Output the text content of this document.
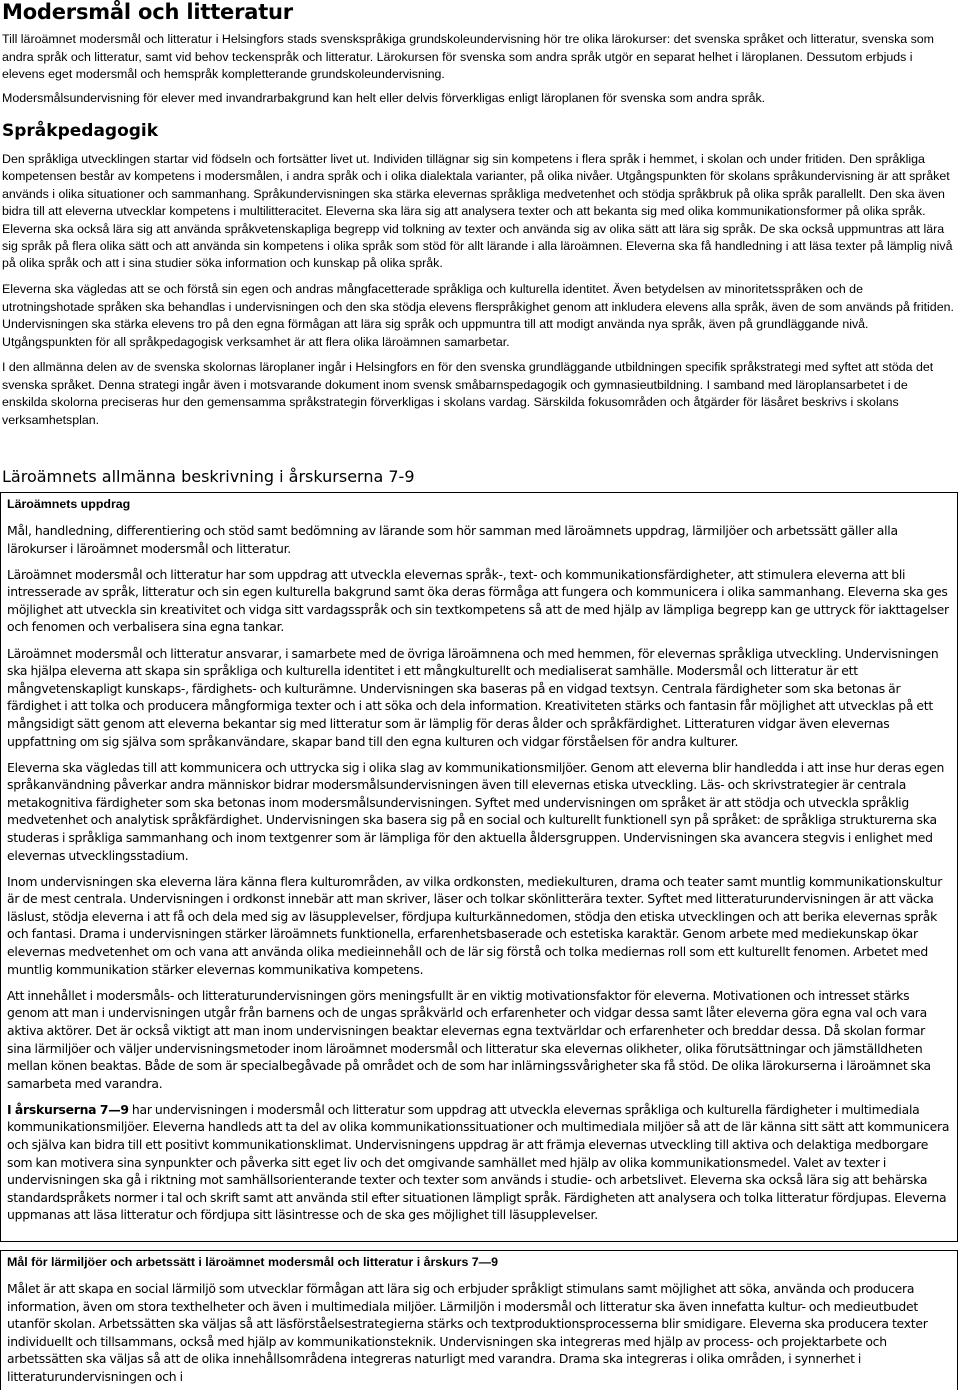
Modersmål och litteratur

Till läroämnet modersmål och litteratur i Helsingfors stads svenskspråkiga grundskoleundervisning hör tre olika lärokurser: det svenska språket och litteratur, svenska som andra språk och litteratur, samt vid behov teckenspråk och litteratur. Lärokursen för svenska som andra språk utgör en separat helhet i läroplanen. Dessutom erbjuds i elevens eget modersmål och hemspråk kompletterande grundskoleundervisning.

Modersmålsundervisning för elever med invandrarbakgrund kan helt eller delvis förverkligas enligt läroplanen för svenska som andra språk.

Språkpedagogik

Den språkliga utvecklingen startar vid födseln och fortsätter livet ut. Individen tillägnar sig sin kompetens i flera språk i hemmet, i skolan och under fritiden. Den språkliga kompetensen består av kompetens i modersmålen, i andra språk och i olika dialektala varianter, på olika nivåer. Utgångspunkten för skolans språkundervisning är att språket används i olika situationer och sammanhang. Språkundervisningen ska stärka elevernas språkliga medvetenhet och stödja språkbruk på olika språk parallellt. Den ska även bidra till att eleverna utvecklar kompetens i multilitteracitet. Eleverna ska lära sig att analysera texter och att bekanta sig med olika kommunikationsformer på olika språk. Eleverna ska också lära sig att använda språkvetenskapliga begrepp vid tolkning av texter och använda sig av olika sätt att lära sig språk. De ska också uppmuntras att lära sig språk på flera olika sätt och att använda sin kompetens i olika språk som stöd för allt lärande i alla läroämnen. Eleverna ska få handledning i att läsa texter på lämplig nivå på olika språk och att i sina studier söka information och kunskap på olika språk.

Eleverna ska vägledas att se och förstå sin egen och andras mångfacetterade språkliga och kulturella identitet. Även betydelsen av minoritetsspråken och de utrotningshotade språken ska behandlas i undervisningen och den ska stödja elevens flerspråkighet genom att inkludera elevens alla språk, även de som används på fritiden. Undervisningen ska stärka elevens tro på den egna förmågan att lära sig språk och uppmuntra till att modigt använda nya språk, även på grundläggande nivå. Utgångspunkten för all språkpedagogisk verksamhet är att flera olika läroämnen samarbetar.

I den allmänna delen av de svenska skolornas läroplaner ingår i Helsingfors en för den svenska grundläggande utbildningen specifik språkstrategi med syftet att stöda det svenska språket. Denna strategi ingår även i motsvarande dokument inom svensk småbarnspedagogik och gymnasieutbildning. I samband med läroplansarbetet i de enskilda skolorna preciseras hur den gemensamma språkstrategin förverkligas i skolans vardag. Särskilda fokusområden och åtgärder för läsåret beskrivs i skolans verksamhetsplan.

Läroämnets allmänna beskrivning i årskurserna 7-9
Läroämnets uppdrag

Mål, handledning, differentiering och stöd samt bedömning av lärande som hör samman med läroämnets uppdrag, lärmiljöer och arbetssätt gäller alla lärokurser i läroämnet modersmål och litteratur.

Läroämnet modersmål och litteratur har som uppdrag att utveckla elevernas språk-, text- och kommunikationsfärdigheter, att stimulera eleverna att bli intresserade av språk, litteratur och sin egen kulturella bakgrund samt öka deras förmåga att fungera och kommunicera i olika sammanhang. Eleverna ska ges möjlighet att utveckla sin kreativitet och vidga sitt vardagsspråk och sin textkompetens så att de med hjälp av lämpliga begrepp kan ge uttryck för iakttagelser och fenomen och verbalisera sina egna tankar.

Läroämnet modersmål och litteratur ansvarar, i samarbete med de övriga läroämnena och med hemmen, för elevernas språkliga utveckling. Undervisningen ska hjälpa eleverna att skapa sin språkliga och kulturella identitet i ett mångkulturellt och medialiserat samhälle. Modersmål och litteratur är ett mångvetenskapligt kunskaps-, färdighets- och kulturämne. Undervisningen ska baseras på en vidgad textsyn. Centrala färdigheter som ska betonas är färdighet i att tolka och producera mångformiga texter och i att söka och dela information. Kreativiteten stärks och fantasin får möjlighet att utvecklas på ett mångsidigt sätt genom att eleverna bekantar sig med litteratur som är lämplig för deras ålder och språkfärdighet. Litteraturen vidgar även elevernas uppfattning om sig själva som språkanvändare, skapar band till den egna kulturen och vidgar förståelsen för andra kulturer.

Eleverna ska vägledas till att kommunicera och uttrycka sig i olika slag av kommunikationsmiljöer. Genom att eleverna blir handledda i att inse hur deras egen språkanvändning påverkar andra människor bidrar modersmålsundervisningen även till elevernas etiska utveckling. Läs- och skrivstrategier är centrala metakognitiva färdigheter som ska betonas inom modersmålsundervisningen. Syftet med undervisningen om språket är att stödja och utveckla språklig medvetenhet och analytisk språkfärdighet. Undervisningen ska basera sig på en social och kulturellt funktionell syn på språket: de språkliga strukturerna ska studeras i språkliga sammanhang och inom textgenrer som är lämpliga för den aktuella åldersgruppen. Undervisningen ska avancera stegvis i enlighet med elevernas utvecklingsstadium.

Inom undervisningen ska eleverna lära känna flera kulturområden, av vilka ordkonsten, mediekulturen, drama och teater samt muntlig kommunikationskultur är de mest centrala. Undervisningen i ordkonst innebär att man skriver, läser och tolkar skönlitterära texter. Syftet med litteraturundervisningen är att väcka läslust, stödja eleverna i att få och dela med sig av läsupplevelser, fördjupa kulturkännedomen, stödja den etiska utvecklingen och att berika elevernas språk och fantasi. Drama i undervisningen stärker läroämnets funktionella, erfarenhetsbaserade och estetiska karaktär. Genom arbete med mediekunskap ökar elevernas medvetenhet om och vana att använda olika medieinnehåll och de lär sig förstå och tolka mediernas roll som ett kulturellt fenomen. Arbetet med muntlig kommunikation stärker elevernas kommunikativa kompetens.

Att innehållet i modersmåls- och litteraturundervisningen görs meningsfullt är en viktig motivationsfaktor för eleverna. Motivationen och intresset stärks genom att man i undervisningen utgår från barnens och de ungas språkvärld och erfarenheter och vidgar dessa samt låter eleverna göra egna val och vara aktiva aktörer. Det är också viktigt att man inom undervisningen beaktar elevernas egna textvärldar och erfarenheter och breddar dessa. Då skolan formar sina lärmiljöer och väljer undervisningsmetoder inom läroämnet modersmål och litteratur ska elevernas olikheter, olika förutsättningar och jämställdheten mellan könen beaktas. Både de som är specialbegåvade på området och de som har inlärningssvårigheter ska få stöd. De olika lärokurserna i läroämnet ska samarbeta med varandra.

I årskurserna 7—9 har undervisningen i modersmål och litteratur som uppdrag att utveckla elevernas språkliga och kulturella färdigheter i multimediala kommunikationsmiljöer. Eleverna handleds att ta del av olika kommunikationssituationer och multimediala miljöer så att de lär känna sitt sätt att kommunicera och själva kan bidra till ett positivt kommunikationsklimat. Undervisningens uppdrag är att främja elevernas utveckling till aktiva och delaktiga medborgare som kan motivera sina synpunkter och påverka sitt eget liv och det omgivande samhället med hjälp av olika kommunikationsmedel. Valet av texter i undervisningen ska gå i riktning mot samhällsorienterande texter och texter som används i studie- och arbetslivet. Eleverna ska också lära sig att behärska standardspråkets normer i tal och skrift samt att använda stil efter situationen lämpligt språk. Färdigheten att analysera och tolka litteratur fördjupas. Eleverna uppmanas att läsa litteratur och fördjupa sitt läsintresse och de ska ges möjlighet till läsupplevelser.

Mål för lärmiljöer och arbetssätt i läroämnet modersmål och litteratur i årskurs 7—9

Målet är att skapa en social lärmiljö som utvecklar förmågan att lära sig och erbjuder språkligt stimulans samt möjlighet att söka, använda och producera information, även om stora texthelheter och även i multimediala miljöer. Lärmiljön i modersmål och litteratur ska även innefatta kultur- och medieutbudet utanför skolan. Arbetssätten ska väljas så att läsförståelsestrategierna stärks och textproduktionsprocesserna blir smidigare. Eleverna ska producera texter individuellt och tillsammans, också med hjälp av kommunikationsteknik. Undervisningen ska integreras med hjälp av process- och projektarbete och arbetssätten ska väljas så att de olika innehållsområdena integreras naturligt med varandra. Drama ska integreras i olika områden, i synnerhet i litteraturundervisningen och i
